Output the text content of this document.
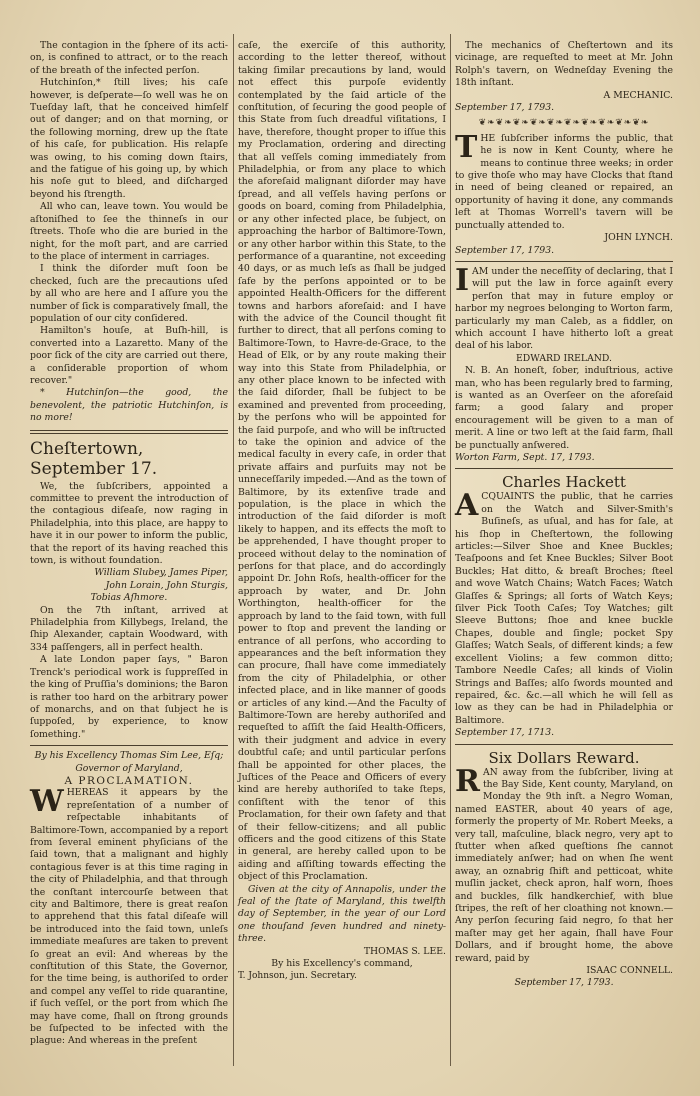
The contagion in the ſphere of its acti-on, is confined to attract, or to the reach of the breath of the infected perſon.

Hutchinſon,* ſtill lives; his caſe however, is deſperate—ſo well was he on Tueſday laſt, that he conceived himſelf out of danger; and on that morning, or the following morning, drew up the ſtate of his caſe, for publication. His relapſe was owing, to his coming down ſtairs, and the fatigue of his going up, by which his noſe gut to bleed, and diſcharged beyond his ſtrength.

All who can, leave town. You would be aſtoniſhed to ſee the thinneſs in our ſtreets. Thoſe who die are buried in the night, for the moſt part, and are carried to the place of interment in carriages.

I think the diſorder muſt ſoon be checked, ſuch are the precautions uſed by all who are here and I aſſure you the number of ſick is comparatively ſmall, the population of our city conſidered.

Hamilton's houſe, at Buſh-hill, is converted into a Lazaretto. Many of the poor ſick of the city are carried out there, a conſiderable proportion of whom recover."

* Hutchinſon—the good, the benevolent, the patriotic Hutchinſon, is no more!

Cheſtertown, September 17.

We, the ſubſcribers, appointed a committee to prevent the introduction of the contagious diſeaſe, now raging in Philadelphia, into this place, are happy to have it in our power to inform the public, that the report of its having reached this town, is without foundation.

William Slubey, James Piper,

John Lorain, John Sturgis,

Tobias Aſhmore.

On the 7th inſtant, arrived at Philadelphia from Killybegs, Ireland, the ſhip Alexander, captain Woodward, with 334 paſſengers, all in perfect health.

A late London paper ſays, " Baron Trenck's periodical work is ſuppreſſed in the king of Pruſſia's dominions; the Baron is rather too hard on the arbitrary power of monarchs, and on that ſubject he is ſuppoſed, by experience, to know ſomething."

By his Excellency Thomas Sim Lee, Eſq; Governor of Maryland,

A PROCLAMATION.

WHEREAS it appears by the repreſentation of a number of reſpectable inhabitants of Baltimore-Town, accompanied by a report from ſeveral eminent phyſicians of the ſaid town, that a malignant and highly contagious fever is at this time raging in the city of Philadelphia, and that through the conſtant intercourſe between that city and Baltimore, there is great reaſon to apprehend that this fatal diſeaſe will be introduced into the ſaid town, unleſs immediate meaſures are taken to prevent ſo great an evil: And whereas by the conſtitution of this State, the Governor, for the time being, is authoriſed to order and compel any veſſel to ride quarantine, if ſuch veſſel, or the port from which ſhe may have come, ſhall on ſtrong grounds be ſuſpected to be infected with the plague: And whereas in the preſent

caſe, the exerciſe of this authority, according to the letter thereof, without taking ſimilar precautions by land, would not effect this purpoſe evidently contemplated by the ſaid article of the conſtitution, of ſecuring the good people of this State from ſuch dreadful viſitations, I have, therefore, thought proper to iſſue this my Proclamation, ordering and directing that all veſſels coming immediately from Philadelphia, or from any place to which the aforeſaid malignant diſorder may have ſpread, and all veſſels having perſons or goods on board, coming from Philadelphia, or any other infected place, be ſubject, on approaching the harbor of Baltimore-Town, or any other harbor within this State, to the performance of a quarantine, not exceeding 40 days, or as much leſs as ſhall be judged ſafe by the perſons appointed or to be appointed Health-Officers for the different towns and harbors aforeſaid: and I have with the advice of the Council thought fit further to direct, that all perſons coming to Baltimore-Town, to Havre-de-Grace, to the Head of Elk, or by any route making their way into this State from Philadelphia, or any other place known to be infected with the ſaid diſorder, ſhall be ſubject to be examined and prevented from proceeding, by the perſons who will be appointed for the ſaid purpoſe, and who will be inſtructed to take the opinion and advice of the medical faculty in every caſe, in order that private affairs and purſuits may not be unneceſſarily impeded.—And as the town of Baltimore, by its extenſive trade and population, is the place in which the introduction of the ſaid diſorder is moſt likely to happen, and its effects the moſt to be apprehended, I have thought proper to proceed without delay to the nomination of perſons for that place, and do accordingly appoint Dr. John Roſs, health-officer for the approach by water, and Dr. John Worthington, health-officer for the approach by land to the ſaid town, with full power to ſtop and prevent the landing or entrance of all perſons, who according to appearances and the beſt information they can procure, ſhall have come immediately from the city of Philadelphia, or other infected place, and in like manner of goods or articles of any kind.—And the Faculty of Baltimore-Town are hereby authoriſed and requeſted to aſſiſt the ſaid Health-Officers, with their judgment and advice in every doubtful caſe; and until particular perſons ſhall be appointed for other places, the Juſtices of the Peace and Officers of every kind are hereby authoriſed to take ſteps, conſiſtent with the tenor of this Proclamation, for their own ſafety and that of their fellow-citizens; and all public officers and the good citizens of this State in general, are hereby called upon to be aiding and aſſiſting towards effecting the object of this Proclamation.

Given at the city of Annapolis, under the ſeal of the ſtate of Maryland, this twelfth day of September, in the year of our Lord one thouſand ſeven hundred and ninety-three.

THOMAS S. LEE.

By his Excellency's command,

T. Johnson, jun. Secretary.

The mechanics of Cheſtertown and its vicinage, are requeſted to meet at Mr. John Rolph's tavern, on Wedneſday Evening the 18th inſtant.

A MECHANIC.

September 17, 1793.

❦❧❦❧❦❧❦❧❦❧❦❧❦❧❦❧❦❧❦❧

THE ſubſcriber informs the public, that he is now in Kent County, where he means to continue three weeks; in order to give thoſe who may have Clocks that ſtand in need of being cleaned or repaired, an opportunity of having it done, any commands left at Thomas Worrell's tavern will be punctually attended to.

JOHN LYNCH.

September 17, 1793.

IAM under the neceſſity of declaring, that I will put the law in force againſt every perſon that may in future employ or harbor my negroes belonging to Worton farm, particularly my man Caleb, as a fiddler, on which account I have hitherto loſt a great deal of his labor.

EDWARD IRELAND.

N. B. An honeſt, ſober, induſtrious, active man, who has been regularly bred to farming, is wanted as an Overſeer on the aforeſaid farm; a good ſalary and proper encouragement will be given to a man of merit. A line or two left at the ſaid farm, ſhall be punctually anſwered.

Worton Farm, Sept. 17, 1793.

Charles Hackett

ACQUAINTS the public, that he carries on the Watch and Silver-Smith's Buſineſs, as uſual, and has for ſale, at his ſhop in Cheſtertown, the following articles:—Silver Shoe and Knee Buckles; Teaſpoons and ſet Knee Buckles; Silver Boot Buckles; Hat ditto, & breaſt Broches; ſteel and wove Watch Chains; Watch Faces; Watch Glaſſes & Springs; all ſorts of Watch Keys; ſilver Pick Tooth Caſes; Toy Watches; gilt Sleeve Buttons; ſhoe and knee buckle Chapes, double and ſingle; pocket Spy Glaſſes; Watch Seals, of different kinds; a few excellent Violins; a few common ditto; Tambore Needle Caſes; all kinds of Violin Strings and Baſſes; alſo ſwords mounted and repaired, &c. &c.—all which he will ſell as low as they can be had in Philadelphia or Baltimore.

September 17, 1713.

Six Dollars Reward.

RAN away from the ſubſcriber, living at the Bay Side, Kent county, Maryland, on Monday the 9th inſt. a Negro Woman, named EASTER, about 40 years of age, formerly the property of Mr. Robert Meeks, a very tall, maſculine, black negro, very apt to ſtutter when aſked queſtions ſhe cannot immediately anſwer; had on when ſhe went away, an oznabrig ſhift and petticoat, white muſlin jacket, check apron, half worn, ſhoes and buckles, ſilk handkerchief, with blue ſtripes, the reſt of her cloathing not known.—Any perſon ſecuring ſaid negro, ſo that her maſter may get her again, ſhall have Four Dollars, and if brought home, the above reward, paid by

ISAAC CONNELL.

September 17, 1793.
